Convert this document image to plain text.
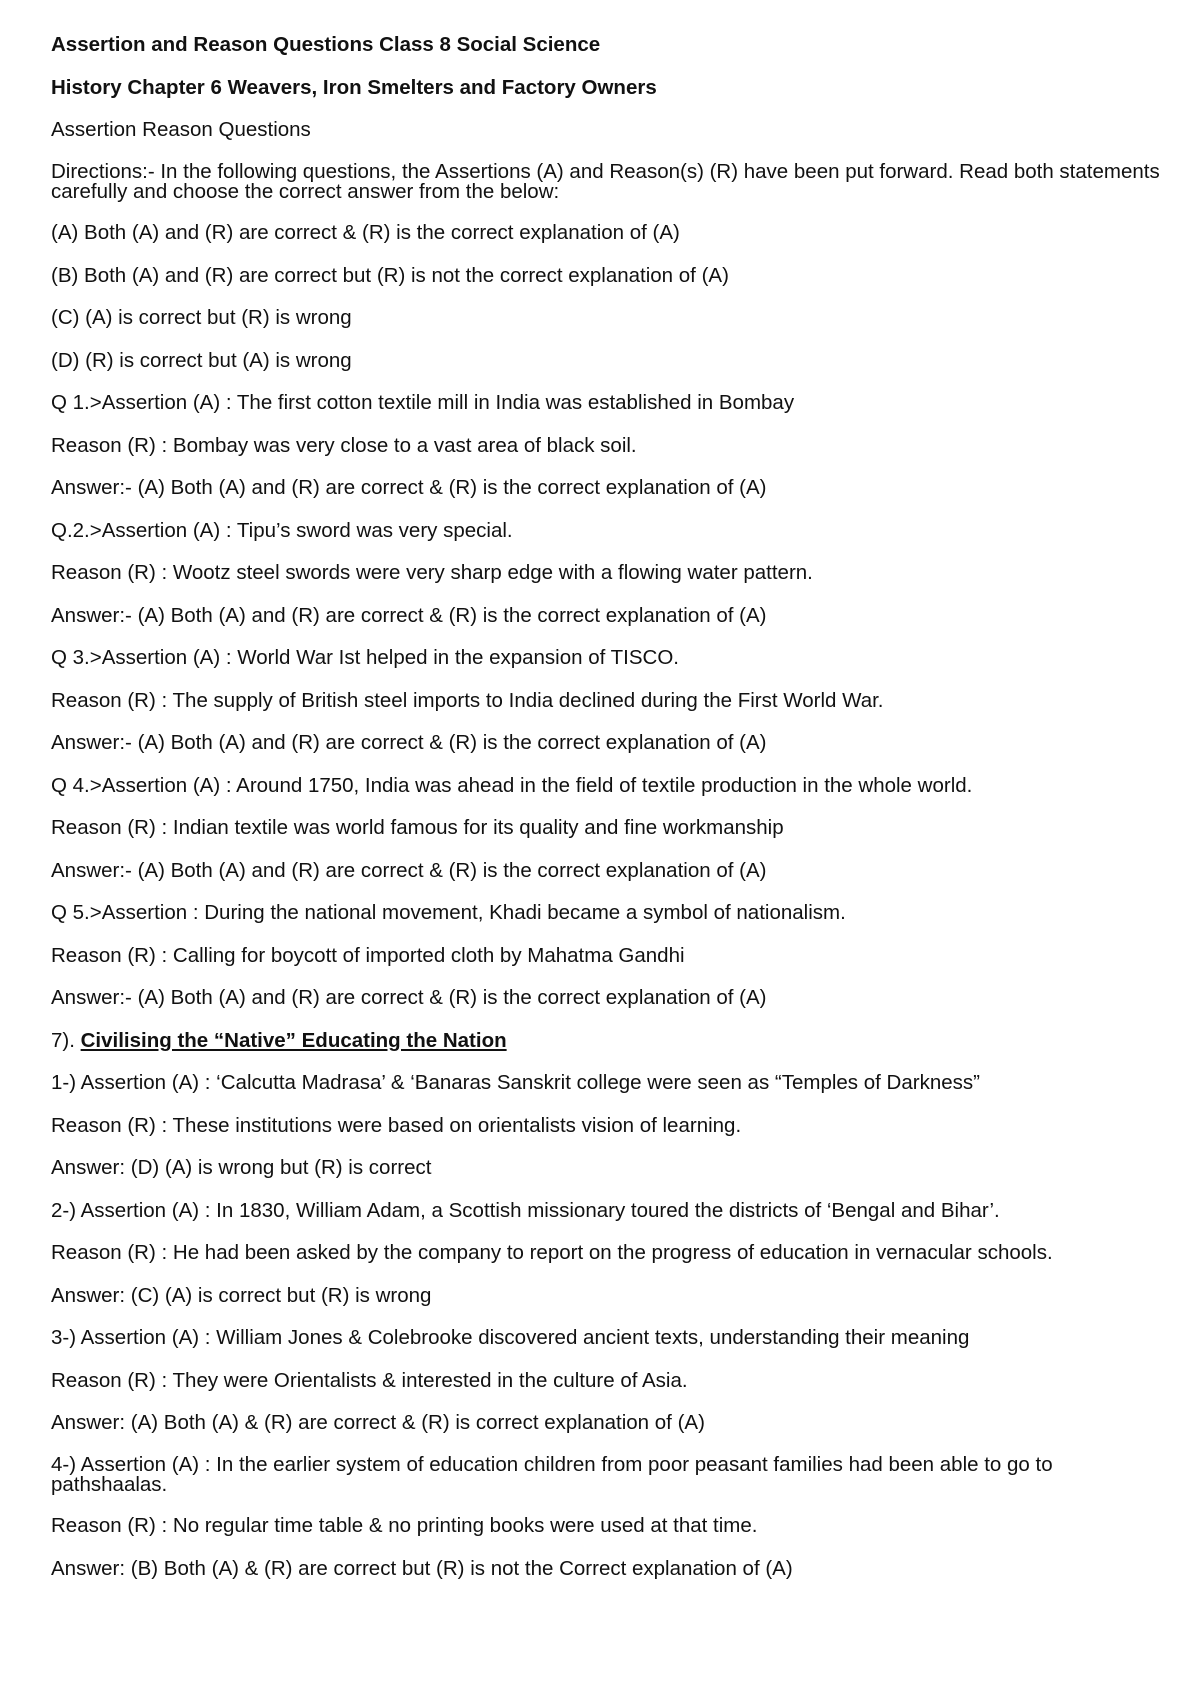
Assertion and Reason Questions Class 8 Social Science
History Chapter 6 Weavers, Iron Smelters and Factory Owners
Assertion Reason Questions
Directions:- In the following questions, the Assertions (A) and Reason(s) (R) have been put forward. Read both statements carefully and choose the correct answer from the below:
(A) Both (A) and (R) are correct & (R) is the correct explanation of (A)
(B) Both (A) and (R) are correct but (R) is not the correct explanation of (A)
(C) (A) is correct but (R) is wrong
(D) (R) is correct but (A) is wrong
Q 1.>Assertion (A) : The first cotton textile mill in India was established in Bombay
Reason (R) : Bombay was very close to a vast area of black soil.
Answer:- (A) Both (A) and (R) are correct & (R) is the correct explanation of (A)
Q.2.>Assertion (A) : Tipu’s sword was very special.
Reason (R) : Wootz steel swords were very sharp edge with a flowing water pattern.
Answer:- (A) Both (A) and (R) are correct & (R) is the correct explanation of (A)
Q 3.>Assertion (A) : World War Ist helped in the expansion of TISCO.
Reason (R) : The supply of British steel imports to India declined during the First World War.
Answer:- (A) Both (A) and (R) are correct & (R) is the correct explanation of (A)
Q 4.>Assertion (A) : Around 1750, India was ahead in the field of textile production in the whole world.
Reason (R) : Indian textile was world famous for its quality and fine workmanship
Answer:- (A) Both (A) and (R) are correct & (R) is the correct explanation of (A)
Q 5.>Assertion : During the national movement, Khadi became a symbol of nationalism.
Reason (R) : Calling for boycott of imported cloth by Mahatma Gandhi
Answer:- (A) Both (A) and (R) are correct & (R) is the correct explanation of (A)
7). Civilising the “Native” Educating the Nation
1-) Assertion (A) : ‘Calcutta Madrasa’ & ‘Banaras Sanskrit college were seen as “Temples of Darkness”
Reason (R) : These institutions were based on orientalists vision of learning.
Answer: (D) (A) is wrong but (R) is correct
2-) Assertion (A) : In 1830, William Adam, a Scottish missionary toured the districts of ‘Bengal and Bihar’.
Reason (R) : He had been asked by the company to report on the progress of education in vernacular schools.
Answer: (C) (A) is correct but (R) is wrong
3-) Assertion (A) : William Jones & Colebrooke discovered ancient texts, understanding their meaning
Reason (R) : They were Orientalists & interested in the culture of Asia.
Answer: (A) Both (A) & (R) are correct & (R) is correct explanation of (A)
4-) Assertion (A) : In the earlier system of education children from poor peasant families had been able to go to pathshaalas.
Reason (R) : No regular time table & no printing books were used at that time.
Answer: (B) Both (A) & (R) are correct but (R) is not the Correct explanation of (A)
